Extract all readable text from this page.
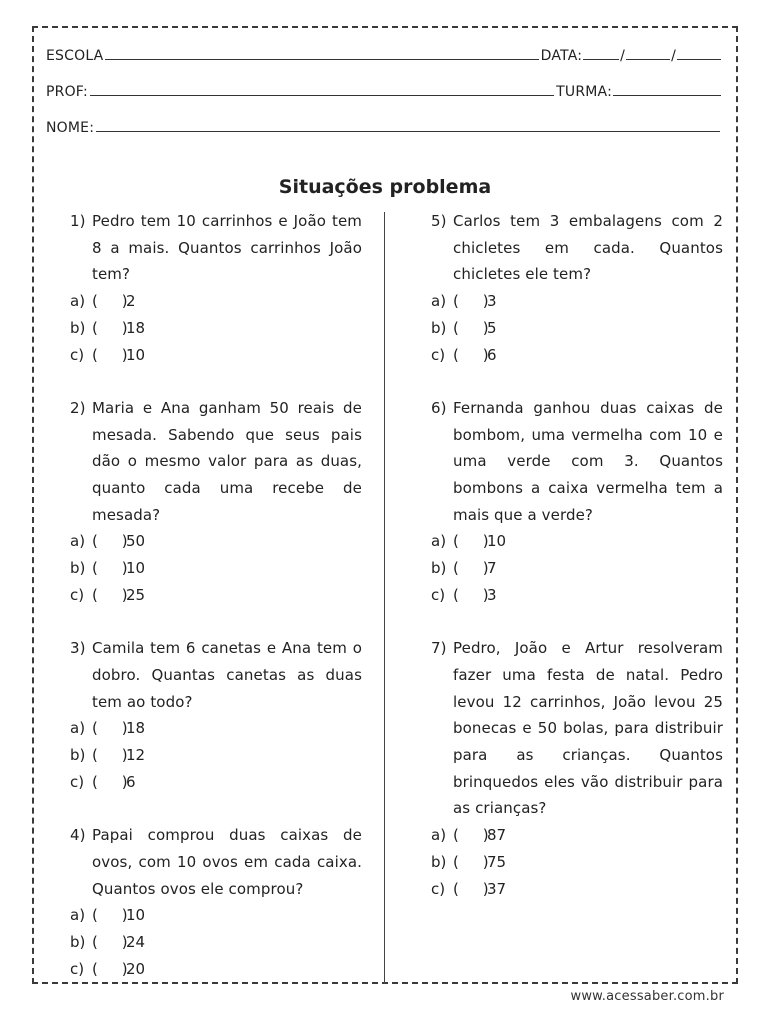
ESCOLA	DATA:	/	/
PROF:	TURMA:
NOME:
Situações problema
1) Pedro tem 10 carrinhos e João tem 8 a mais. Quantos carrinhos João tem?
a) (     )
2
b) (     )
18
c) (     )
10
2) Maria e Ana ganham 50 reais de mesada. Sabendo que seus pais dão o mesmo valor para as duas, quanto cada uma recebe de mesada?
a) (     )
50
b) (     )
10
c) (     )
25
3) Camila tem 6 canetas e Ana tem o dobro. Quantas canetas as duas tem ao todo?
a) (     )
18
b) (     )
12
c) (     )
6
4) Papai comprou duas caixas de ovos, com 10 ovos em cada caixa. Quantos ovos ele comprou?
a) (     )
10
b) (     )
24
c) (     )
20
5) Carlos tem 3 embalagens com 2 chicletes em cada. Quantos chicletes ele tem?
a) (     )
3
b) (     )
5
c) (     )
6
6) Fernanda ganhou duas caixas de bombom, uma vermelha com 10 e uma verde com 3. Quantos bombons a caixa vermelha tem a mais que a verde?
a) (     )
10
b) (     )
7
c) (     )
3
7) Pedro, João e Artur resolveram fazer uma festa de natal. Pedro levou 12 carrinhos, João levou 25 bonecas e 50 bolas, para distribuir para as crianças. Quantos brinquedos eles vão distribuir para as crianças?
a) (     )
87
b) (     )
75
c) (     )
37
www.acessaber.com.br
